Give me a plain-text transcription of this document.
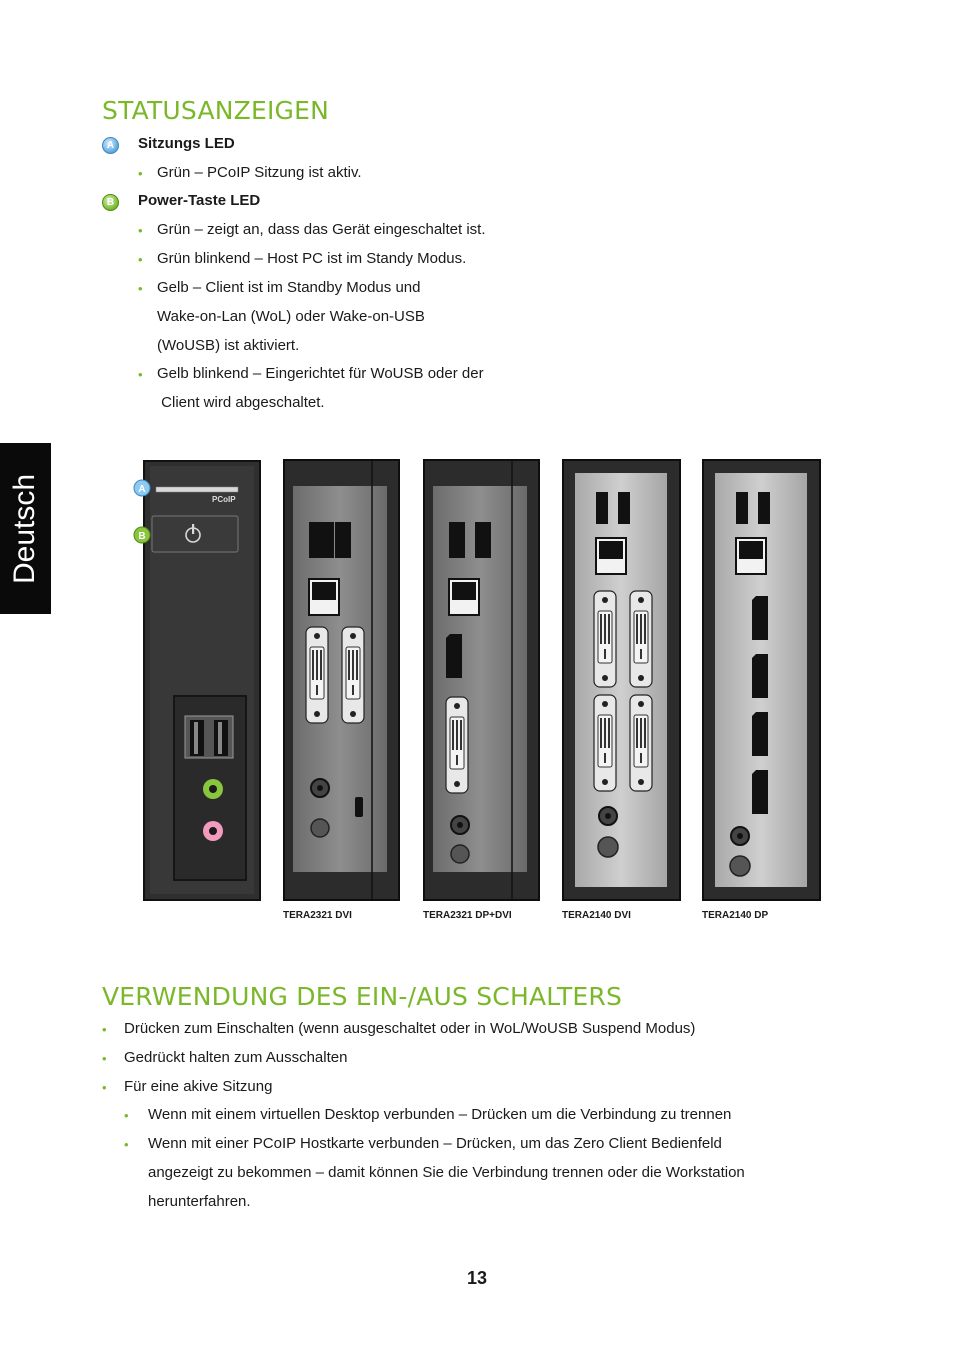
Deutsch
STATUSANZEIGEN
A	Sitzungs LED
• Grün – PCoIP Sitzung ist aktiv.
B	Power-Taste LED
• Grün – zeigt an, dass das Gerät eingeschaltet ist.
• Grün blinkend – Host PC ist im Standy Modus.
• Gelb – Client ist im Standby Modus und
Wake-on-Lan (WoL) oder Wake-on-USB
(WoUSB) ist aktiviert.
• Gelb blinkend – Eingerichtet für WoUSB oder der
Client wird abgeschaltet.
PCoIP
A
B
TERA2321 DVI	TERA2321 DP+DVI	TERA2140 DVI	TERA2140 DP
VERWENDUNG DES EIN-/AUS SCHALTERS
• Drücken zum Einschalten (wenn ausgeschaltet oder in WoL/WoUSB Suspend Modus)
• Gedrückt halten zum Ausschalten
• Für eine akive Sitzung
• Wenn mit einem virtuellen Desktop verbunden – Drücken um die Verbindung zu trennen
• Wenn mit einer PCoIP Hostkarte verbunden – Drücken, um das Zero Client Bedienfeld
angezeigt zu bekommen – damit können Sie die Verbindung trennen oder die Workstation
herunterfahren.
13
